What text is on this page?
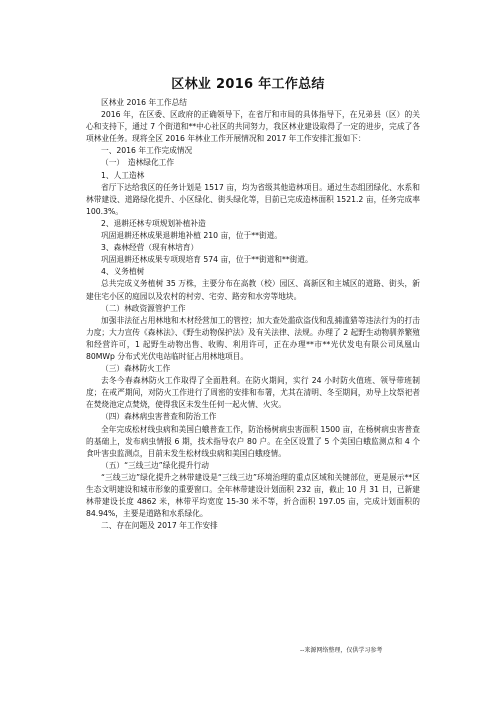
区林业 2016 年工作总结

区林业 2016 年工作总结

2016 年，在区委、区政府的正确领导下，在省厅和市局的具体指导下，在兄弟县（区）的关心和支持下，通过 7 个街道和**中心社区的共同努力，我区林业建设取得了一定的进步，完成了各项林业任务。现将全区 2016 年林业工作开展情况和 2017 年工作安排汇报如下：

一、2016 年工作完成情况

（一）　造林绿化工作

1、人工造林

省厅下达给我区的任务计划是 1517 亩，均为省级其他造林项目。通过生态组团绿化、水系和林带建设、道路绿化提升、小区绿化、街头绿化等，目前已完成造林面积 1521.2 亩，任务完成率 100.3%。

2、退耕还林专项规划补植补造

巩固退耕还林成果退耕地补植 210 亩，位于**街道。

3、森林经营（现有林培育）

巩固退耕还林成果专项现培育 574 亩，位于**街道和**街道。

4、义务植树

总共完成义务植树 35 万株，主要分布在高教（校）园区、高新区和主城区的道路、街头，新建住宅小区的庭园以及农村的村旁、宅旁、路旁和水旁等地块。

（二）林政资源管护工作

加强非法征占用林地和木材经营加工的管控；加大查处滥砍盗伐和乱捕滥猎等违法行为的打击力度；大力宣传《森林法》、《野生动物保护法》及有关法律、法规。办理了 2 起野生动物驯养繁殖和经营许可，1 起野生动物出售、收购、利用许可，正在办理**市**光伏发电有限公司凤凰山 80MWp 分布式光伏电站临时征占用林地项目。

（三）森林防火工作

去冬今春森林防火工作取得了全面胜利。在防火期间，实行 24 小时防火值班、领导带班制度；在戒严期间，对防火工作进行了周密的安排和布署，尤其在清明、冬至期间，劝导上坟祭祀者在焚烧池定点焚烧，使得我区未发生任何一起火情、火灾。

（四）森林病虫害普查和防治工作

全年完成松材线虫病和美国白蛾普查工作，防治杨树病虫害面积 1500 亩，在杨树病虫害普查的基础上，发布病虫情报 6 期，技术指导农户 80 户。在全区设置了 5 个美国白蛾监测点和 4 个食叶害虫监测点，目前未发生松材线虫病和美国白蛾疫情。

（五）“三线三边”绿化提升行动

“三线三边”绿化提升之林带建设是“三线三边”环境治理的重点区域和关键部位，更是展示**区生态文明建设和城市形象的重要窗口。全年林带建设计划面积 232 亩，截止 10 月 31 日，已新建林带建设长度 4862 米，林带平均宽度 15-30 米不等，折合面积 197.05 亩，完成计划面积的 84.94%，主要是道路和水系绿化。

二、存在问题及 2017 年工作安排

--来源网络整理，仅供学习参考
